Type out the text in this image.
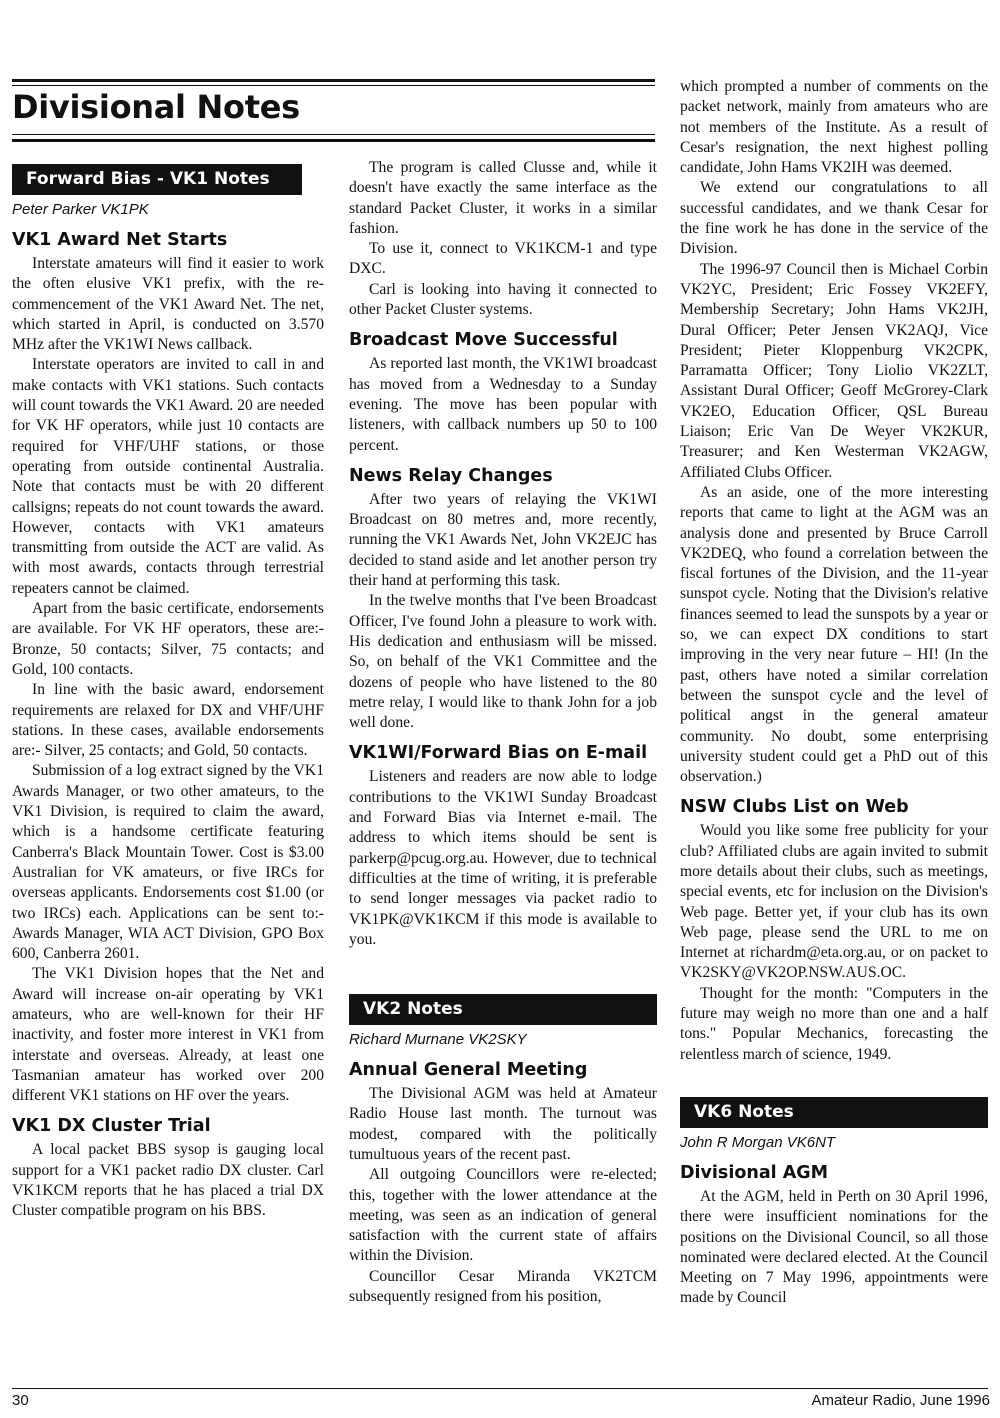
Divisional Notes
Forward Bias - VK1 Notes
Peter Parker VK1PK
VK1 Award Net Starts

Interstate amateurs will find it easier to work the often elusive VK1 prefix, with the re-commencement of the VK1 Award Net. The net, which started in April, is conducted on 3.570 MHz after the VK1WI News callback.

Interstate operators are invited to call in and make contacts with VK1 stations. Such contacts will count towards the VK1 Award. 20 are needed for VK HF operators, while just 10 contacts are required for VHF/UHF stations, or those operating from outside continental Australia. Note that contacts must be with 20 different callsigns; repeats do not count towards the award. However, contacts with VK1 amateurs transmitting from outside the ACT are valid. As with most awards, contacts through terrestrial repeaters cannot be claimed.

Apart from the basic certificate, endorsements are available. For VK HF operators, these are:- Bronze, 50 contacts; Silver, 75 contacts; and Gold, 100 contacts.

In line with the basic award, endorsement requirements are relaxed for DX and VHF/UHF stations. In these cases, available endorsements are:- Silver, 25 contacts; and Gold, 50 contacts.

Submission of a log extract signed by the VK1 Awards Manager, or two other amateurs, to the VK1 Division, is required to claim the award, which is a handsome certificate featuring Canberra's Black Mountain Tower. Cost is $3.00 Australian for VK amateurs, or five IRCs for overseas applicants. Endorsements cost $1.00 (or two IRCs) each. Applications can be sent to:- Awards Manager, WIA ACT Division, GPO Box 600, Canberra 2601.

The VK1 Division hopes that the Net and Award will increase on-air operating by VK1 amateurs, who are well-known for their HF inactivity, and foster more interest in VK1 from interstate and overseas. Already, at least one Tasmanian amateur has worked over 200 different VK1 stations on HF over the years.

VK1 DX Cluster Trial

A local packet BBS sysop is gauging local support for a VK1 packet radio DX cluster. Carl VK1KCM reports that he has placed a trial DX Cluster compatible program on his BBS.

The program is called Clusse and, while it doesn't have exactly the same interface as the standard Packet Cluster, it works in a similar fashion.

To use it, connect to VK1KCM-1 and type DXC.

Carl is looking into having it connected to other Packet Cluster systems.

Broadcast Move Successful

As reported last month, the VK1WI broadcast has moved from a Wednesday to a Sunday evening. The move has been popular with listeners, with callback numbers up 50 to 100 percent.

News Relay Changes

After two years of relaying the VK1WI Broadcast on 80 metres and, more recently, running the VK1 Awards Net, John VK2EJC has decided to stand aside and let another person try their hand at performing this task.

In the twelve months that I've been Broadcast Officer, I've found John a pleasure to work with. His dedication and enthusiasm will be missed. So, on behalf of the VK1 Committee and the dozens of people who have listened to the 80 metre relay, I would like to thank John for a job well done.

VK1WI/Forward Bias on E-mail

Listeners and readers are now able to lodge contributions to the VK1WI Sunday Broadcast and Forward Bias via Internet e-mail. The address to which items should be sent is parkerp@pcug.org.au. However, due to technical difficulties at the time of writing, it is preferable to send longer messages via packet radio to VK1PK@VK1KCM if this mode is available to you.

VK2 Notes
Richard Murnane VK2SKY
Annual General Meeting

The Divisional AGM was held at Amateur Radio House last month. The turnout was modest, compared with the politically tumultuous years of the recent past.

All outgoing Councillors were re-elected; this, together with the lower attendance at the meeting, was seen as an indication of general satisfaction with the current state of affairs within the Division.

Councillor Cesar Miranda VK2TCM subsequently resigned from his position,

which prompted a number of comments on the packet network, mainly from amateurs who are not members of the Institute. As a result of Cesar's resignation, the next highest polling candidate, John Hams VK2IH was deemed.

We extend our congratulations to all successful candidates, and we thank Cesar for the fine work he has done in the service of the Division.

The 1996-97 Council then is Michael Corbin VK2YC, President; Eric Fossey VK2EFY, Membership Secretary; John Hams VK2JH, Dural Officer; Peter Jensen VK2AQJ, Vice President; Pieter Kloppenburg VK2CPK, Parramatta Officer; Tony Liolio VK2ZLT, Assistant Dural Officer; Geoff McGrorey-Clark VK2EO, Education Officer, QSL Bureau Liaison; Eric Van De Weyer VK2KUR, Treasurer; and Ken Westerman VK2AGW, Affiliated Clubs Officer.

As an aside, one of the more interesting reports that came to light at the AGM was an analysis done and presented by Bruce Carroll VK2DEQ, who found a correlation between the fiscal fortunes of the Division, and the 11-year sunspot cycle. Noting that the Division's relative finances seemed to lead the sunspots by a year or so, we can expect DX conditions to start improving in the very near future – HI! (In the past, others have noted a similar correlation between the sunspot cycle and the level of political angst in the general amateur community. No doubt, some enterprising university student could get a PhD out of this observation.)

NSW Clubs List on Web

Would you like some free publicity for your club? Affiliated clubs are again invited to submit more details about their clubs, such as meetings, special events, etc for inclusion on the Division's Web page. Better yet, if your club has its own Web page, please send the URL to me on Internet at richardm@eta.org.au, or on packet to VK2SKY@VK2OP.NSW.AUS.OC.

Thought for the month: "Computers in the future may weigh no more than one and a half tons." Popular Mechanics, forecasting the relentless march of science, 1949.

VK6 Notes
John R Morgan VK6NT
Divisional AGM

At the AGM, held in Perth on 30 April 1996, there were insufficient nominations for the positions on the Divisional Council, so all those nominated were declared elected. At the Council Meeting on 7 May 1996, appointments were made by Council

30	Amateur Radio, June 1996
